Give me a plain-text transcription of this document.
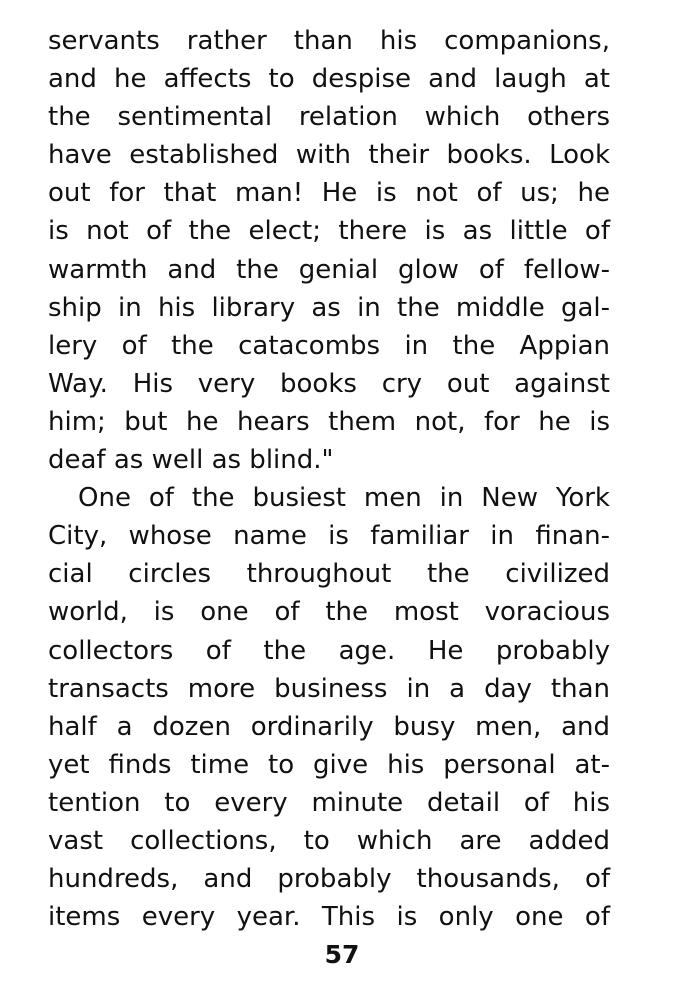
servants rather than his companions,
and he affects to despise and laugh at
the sentimental relation which others
have established with their books. Look
out for that man! He is not of us; he
is not of the elect; there is as little of
warmth and the genial glow of fellow-
ship in his library as in the middle gal-
lery of the catacombs in the Appian
Way. His very books cry out against
him; but he hears them not, for he is
deaf as well as blind."
One of the busiest men in New York
City, whose name is familiar in finan-
cial circles throughout the civilized
world, is one of the most voracious
collectors of the age. He probably
transacts more business in a day than
half a dozen ordinarily busy men, and
yet finds time to give his personal at-
tention to every minute detail of his
vast collections, to which are added
hundreds, and probably thousands, of
items every year. This is only one of
57
